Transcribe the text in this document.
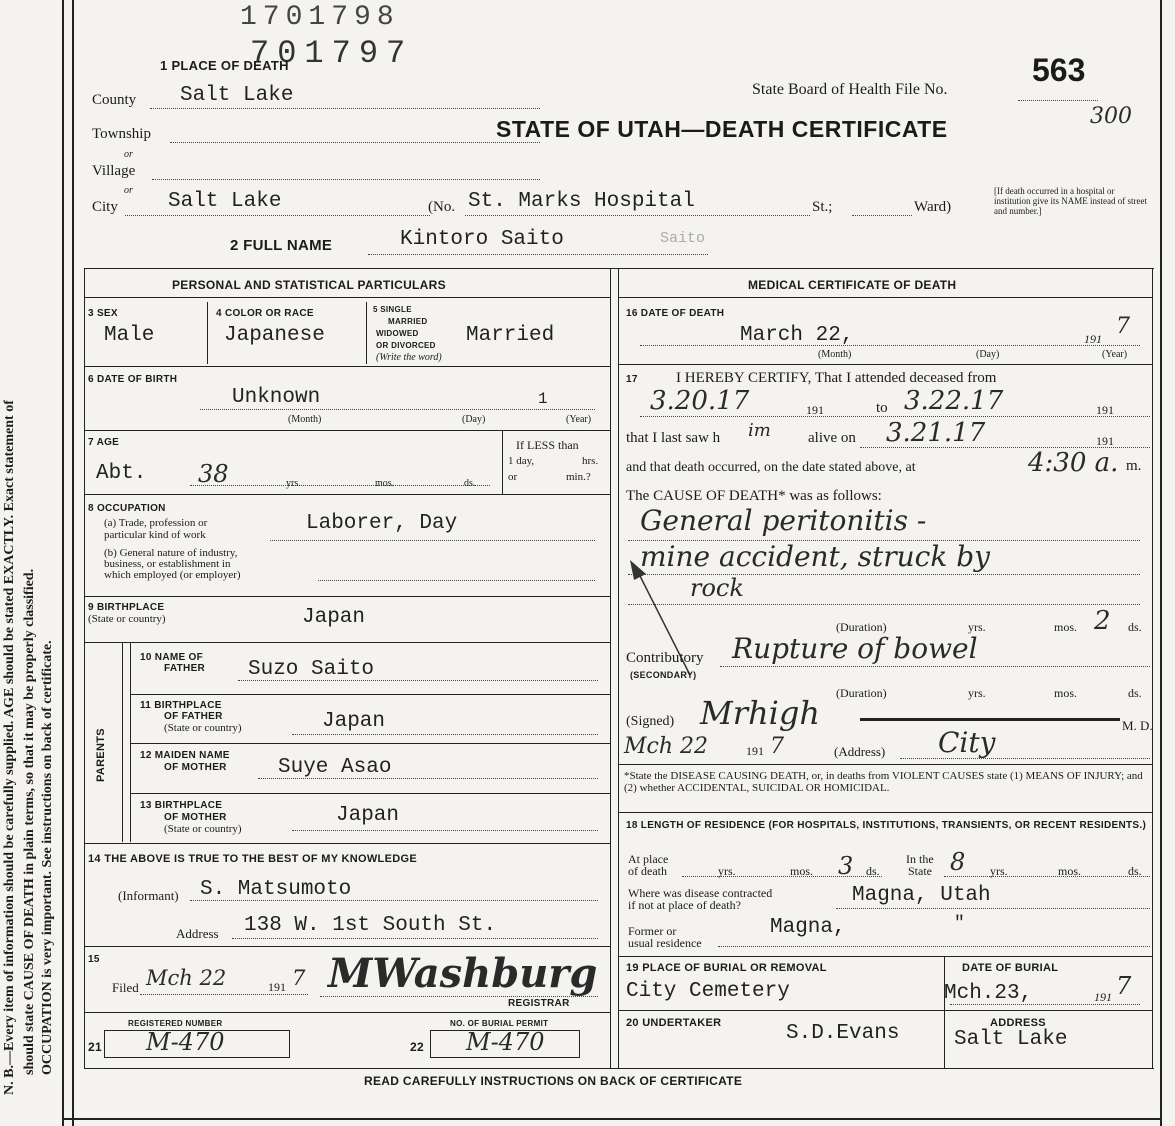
N. B.—Every item of information should be carefully supplied. AGE should be stated EXACTLY. Exact statement of should state CAUSE OF DEATH in plain terms, so that it may be properly classified. OCCUPATION is very important. See instructions on back of certificate.
1701798
701797
1 PLACE OF DEATH
County Salt Lake	State Board of Health File No.
563
300
Township
or
Village
or
STATE OF UTAH—DEATH CERTIFICATE
City Salt Lake	(No. St. Marks Hospital	St.;	Ward)
[If death occurred in a hospital or institution give its NAME instead of street and number.]
2 FULL NAME	Kintoro Saito	Saito
PERSONAL AND STATISTICAL PARTICULARS
3 SEX
Male
4 COLOR OR RACE
Japanese
5 SINGLE
MARRIED
WIDOWED
OR DIVORCED
(Write the word)
Married
6 DATE OF BIRTH
Unknown	1
(Month)	(Day)	(Year)
7 AGE
Abt. 38	yrs.	mos.	ds.
If LESS than
1 day,	hrs.
or	min.?
8 OCCUPATION
(a) Trade, profession or
particular kind of work	Laborer, Day
(b) General nature of industry,
business, or establishment in
which employed (or employer)
9 BIRTHPLACE
(State or country)	Japan
PARENTS
10 NAME OF
FATHER Suzo Saito
11 BIRTHPLACE
OF FATHER
(State or country)	Japan
12 MAIDEN NAME
OF MOTHER Suye Asao
13 BIRTHPLACE
OF MOTHER
(State or country)
Japan
14 THE ABOVE IS TRUE TO THE BEST OF MY KNOWLEDGE
(Informant) S. Matsumoto
Address 138 W. 1st South St.
15
Filed Mch 22	191 7 MWashburg
REGISTRAR
REGISTERED NUMBER
21 M-470
NO. OF BURIAL PERMIT
22 M-470
MEDICAL CERTIFICATE OF DEATH
16 DATE OF DEATH
March 22,	191 7
(Month)	(Day)	(Year)
17	I HEREBY CERTIFY, That I attended deceased from
3.20.17	191	to 3.22.17	191
that I last saw h im alive on 3.21.17	191
and that death occurred, on the date stated above, at	4:30 a. m.
The CAUSE OF DEATH* was as follows:
General peritonitis -
mine accident, struck by
rock
(Duration)	yrs.	mos. 2 ds.
Contributory
(SECONDARY)
Rupture of bowel
(Duration)	yrs.	mos.	ds.
(Signed) Mrhigh	M. D.
Mch 22	191 7	(Address) City
*State the DISEASE CAUSING DEATH, or, in deaths from VIOLENT CAUSES state (1) MEANS OF INJURY; and (2) whether ACCIDENTAL, SUICIDAL OR HOMICIDAL.
18 LENGTH OF RESIDENCE (FOR HOSPITALS, INSTITUTIONS, TRANSIENTS, OR RECENT RESIDENTS.)
At place
of death	yrs.	mos. 3 ds.
In the
State 8 yrs.	mos.	ds.
Where was disease contracted
if not at place of death?	Magna, Utah
Former or
usual residence
Magna,	"
19 PLACE OF BURIAL OR REMOVAL
City Cemetery
DATE OF BURIAL
Mch.23,	191 7
20 UNDERTAKER	S.D.Evans	ADDRESS
Salt Lake
READ CAREFULLY INSTRUCTIONS ON BACK OF CERTIFICATE
